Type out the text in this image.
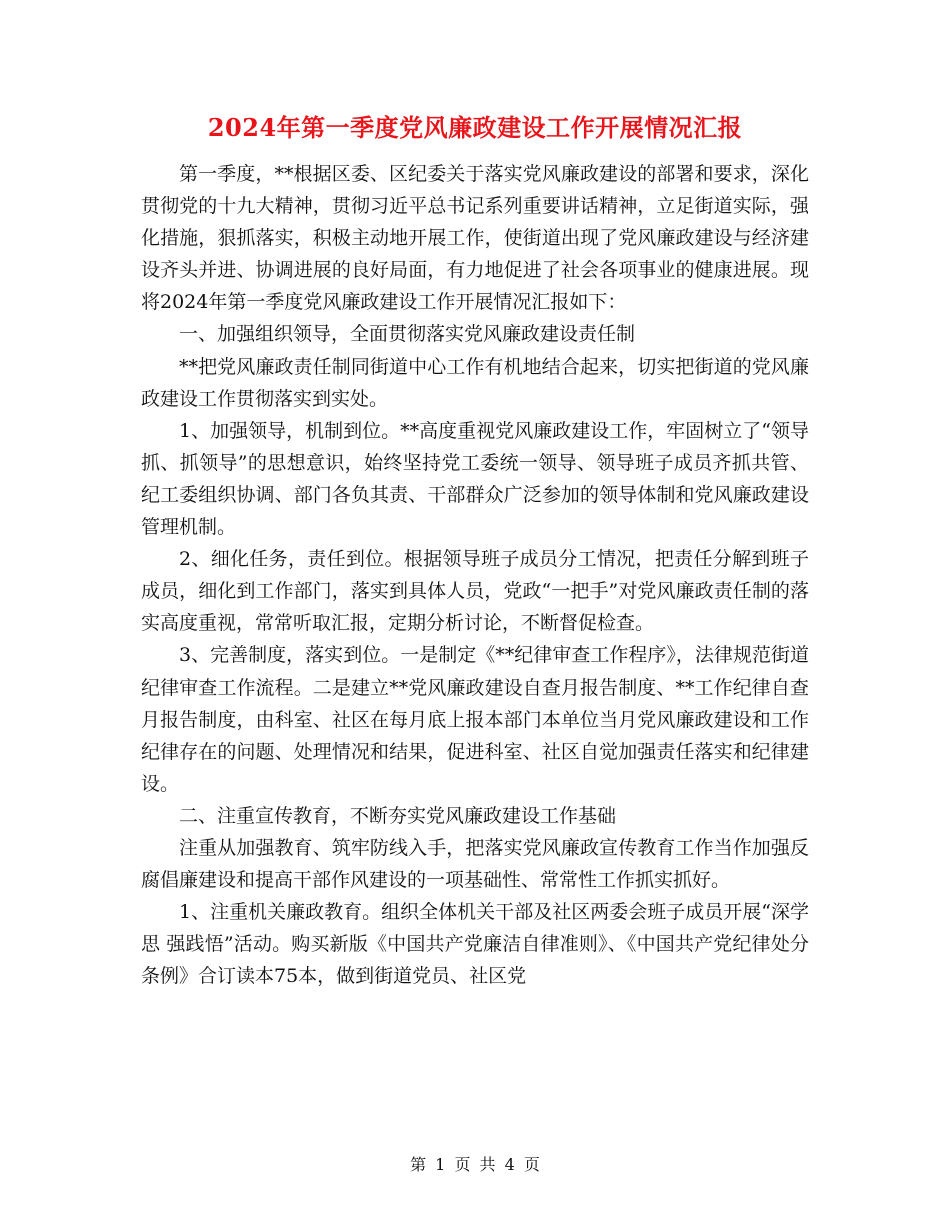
2024年第一季度党风廉政建设工作开展情况汇报

第一季度，**根据区委、区纪委关于落实党风廉政建设的部署和要求，深化贯彻党的十九大精神，贯彻习近平总书记系列重要讲话精神，立足街道实际，强化措施，狠抓落实，积极主动地开展工作，使街道出现了党风廉政建设与经济建设齐头并进、协调进展的良好局面，有力地促进了社会各项事业的健康进展。现将2024年第一季度党风廉政建设工作开展情况汇报如下：

一、加强组织领导，全面贯彻落实党风廉政建设责任制

**把党风廉政责任制同街道中心工作有机地结合起来，切实把街道的党风廉政建设工作贯彻落实到实处。

1、加强领导，机制到位。**高度重视党风廉政建设工作，牢固树立了“领导抓、抓领导”的思想意识，始终坚持党工委统一领导、领导班子成员齐抓共管、纪工委组织协调、部门各负其责、干部群众广泛参加的领导体制和党风廉政建设管理机制。

2、细化任务，责任到位。根据领导班子成员分工情况，把责任分解到班子成员，细化到工作部门，落实到具体人员，党政“一把手”对党风廉政责任制的落实高度重视，常常听取汇报，定期分析讨论，不断督促检查。

3、完善制度，落实到位。一是制定《**纪律审查工作程序》，法律规范街道纪律审查工作流程。二是建立**党风廉政建设自查月报告制度、**工作纪律自查月报告制度，由科室、社区在每月底上报本部门本单位当月党风廉政建设和工作纪律存在的问题、处理情况和结果，促进科室、社区自觉加强责任落实和纪律建设。

二、注重宣传教育，不断夯实党风廉政建设工作基础

注重从加强教育、筑牢防线入手，把落实党风廉政宣传教育工作当作加强反腐倡廉建设和提高干部作风建设的一项基础性、常常性工作抓实抓好。

1、注重机关廉政教育。组织全体机关干部及社区两委会班子成员开展“深学思 强践悟”活动。购买新版《中国共产党廉洁自律准则》、《中国共产党纪律处分条例》合订读本75本，做到街道党员、社区党

第 1 页 共 4 页
